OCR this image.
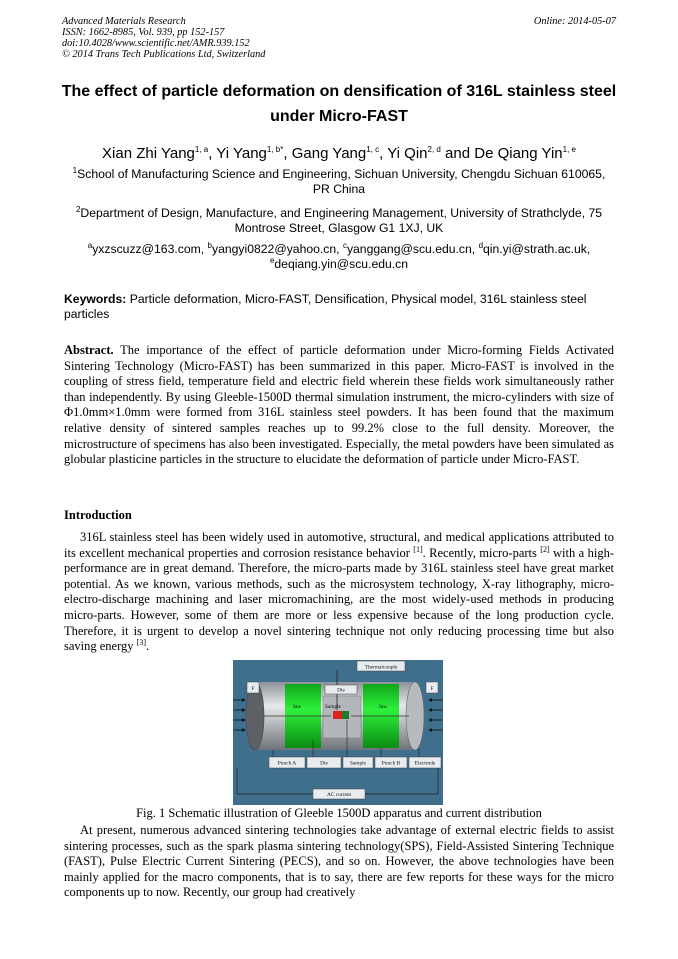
Advanced Materials Research
ISSN: 1662-8985, Vol. 939, pp 152-157
doi:10.4028/www.scientific.net/AMR.939.152
© 2014 Trans Tech Publications Ltd, Switzerland
Online: 2014-05-07
The effect of particle deformation on densification of 316L stainless steel
under Micro-FAST
Xian Zhi Yang$^{1, a}$, Yi Yang$^{1, b*}$, Gang Yang$^{1, c}$, Yi Qin$^{2, d}$ and De Qiang Yin$^{1, e}$
$^1$School of Manufacturing Science and Engineering, Sichuan University, Chengdu Sichuan 610065,
PR China
$^2$Department of Design, Manufacture, and Engineering Management, University of Strathclyde, 75
Montrose Street, Glasgow G1 1XJ, UK
$^a$yxzscuzz@163.com, $^b$yangyi0822@yahoo.cn, $^c$yanggang@scu.edu.cn, $^d$qin.yi@strath.ac.uk,
$^e$deqiang.yin@scu.edu.cn
Keywords: Particle deformation, Micro-FAST, Densification, Physical model, 316L stainless steel particles
Abstract. The importance of the effect of particle deformation under Micro-forming Fields Activated Sintering Technology (Micro-FAST) has been summarized in this paper. Micro-FAST is involved in the coupling of stress field, temperature field and electric field wherein these fields work simultaneously rather than independently. By using Gleeble-1500D thermal simulation instrument, the micro-cylinders with size of Φ1.0mm×1.0mm were formed from 316L stainless steel powders. It has been found that the maximum relative density of sintered samples reaches up to 99.2% close to the full density. Moreover, the microstructure of specimens has also been investigated. Especially, the metal powders have been simulated as globular plasticine particles in the structure to elucidate the deformation of particle under Micro-FAST.
Introduction
316L stainless steel has been widely used in automotive, structural, and medical applications attributed to its excellent mechanical properties and corrosion resistance behavior [1]. Recently, micro-parts [2] with a high-performance are in great demand. Therefore, the micro-parts made by 316L stainless steel have great market potential. As we known, various methods, such as the microsystem technology, X-ray lithography, micro-electro-discharge machining and laser micromachining, are the most widely-used methods in producing micro-parts. However, some of them are more or less expensive because of the long production cycle. Therefore, it is urgent to develop a novel sintering technique not only reducing processing time but also saving energy [3].
Thermalcouple
F	F
Die
Jaw	Jaw
Sample
Punch A	Die	Sample	Punch B	Electrode
AC current
Fig. 1 Schematic illustration of Gleeble 1500D apparatus and current distribution
At present, numerous advanced sintering technologies take advantage of external electric fields to assist sintering processes, such as the spark plasma sintering technology(SPS), Field-Assisted Sintering Technique (FAST), Pulse Electric Current Sintering (PECS), and so on. However, the above technologies have been mainly applied for the macro components, that is to say, there are few reports for these ways for the micro components up to now. Recently, our group had creatively
